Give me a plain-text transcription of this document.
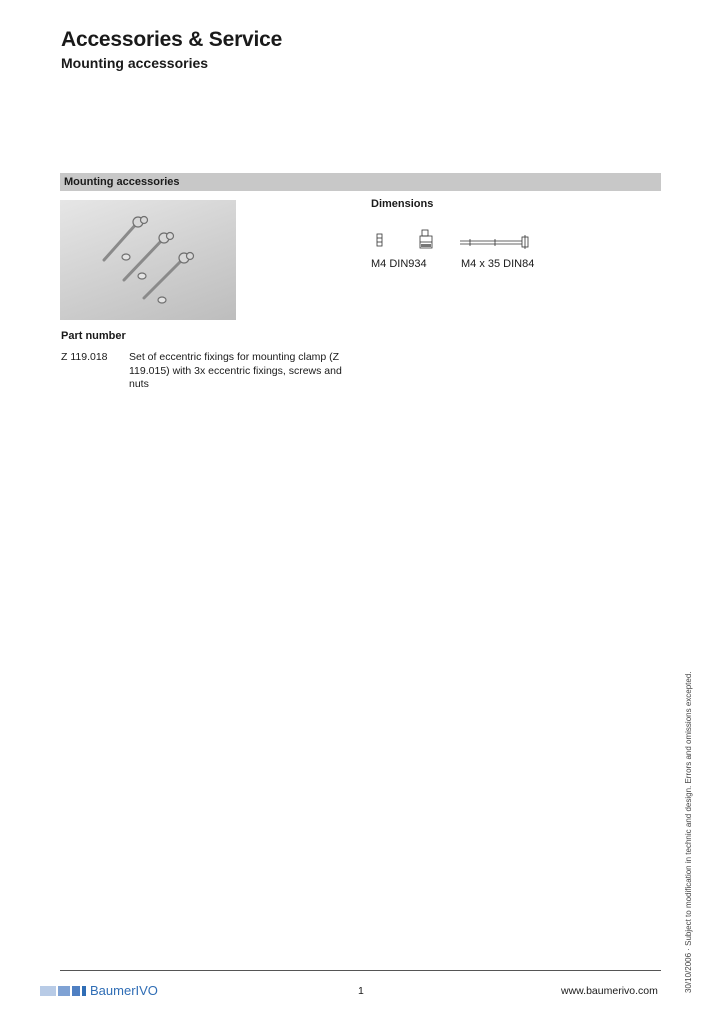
Accessories & Service
Mounting accessories
Mounting accessories
Dimensions
M4 DIN934	M4 x 35 DIN84
Part number
Z 119.018 Set of eccentric fixings for mounting clamp (Z 119.015) with 3x eccentric fixings, screws and nuts
30/10/2006 · Subject to modification in technic and design. Errors and omissions excepted.
BaumerIVO	1	www.baumerivo.com
